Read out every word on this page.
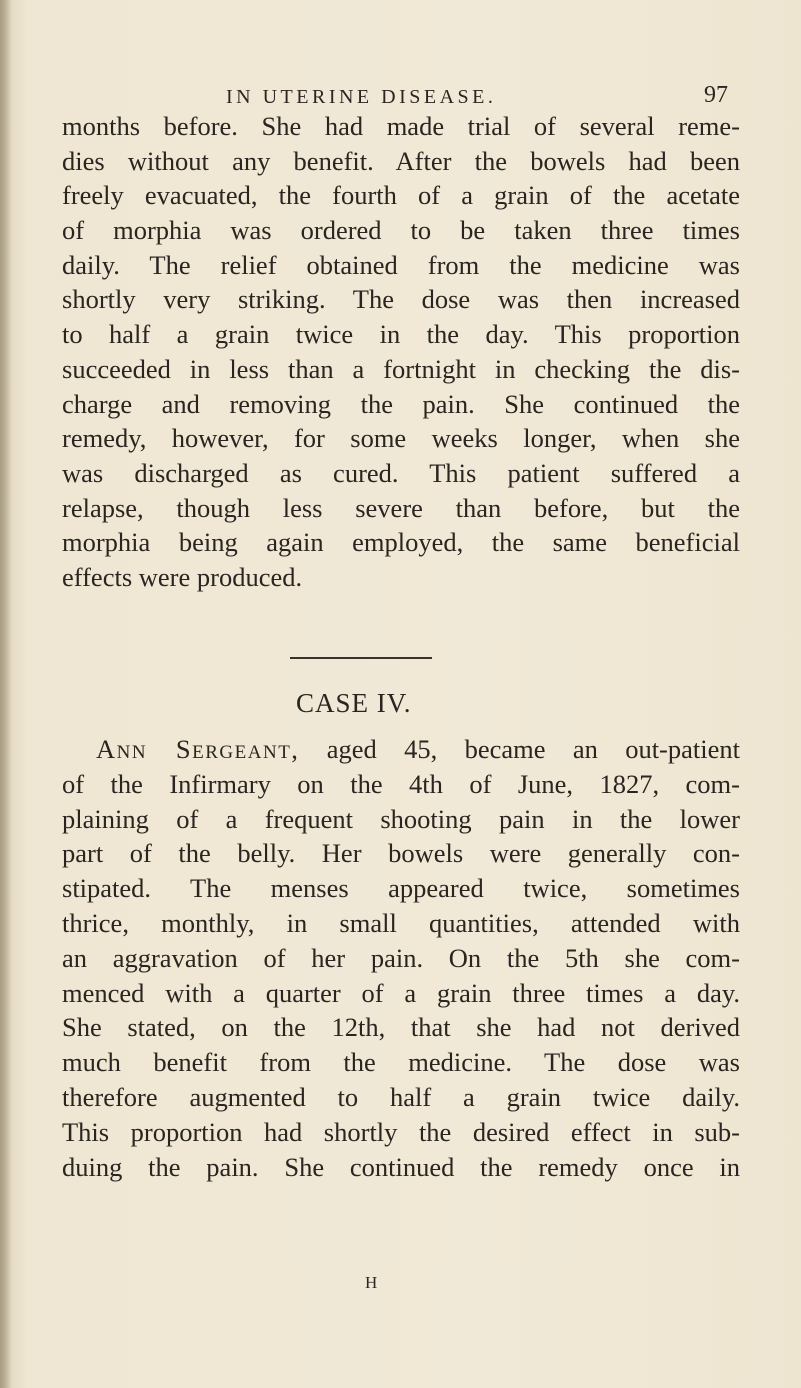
IN UTERINE DISEASE.	97
months before. She had made trial of several reme-
dies without any benefit. After the bowels had been
freely evacuated, the fourth of a grain of the acetate
of morphia was ordered to be taken three times
daily. The relief obtained from the medicine was
shortly very striking. The dose was then increased
to half a grain twice in the day. This proportion
succeeded in less than a fortnight in checking the dis-
charge and removing the pain. She continued the
remedy, however, for some weeks longer, when she
was discharged as cured. This patient suffered a
relapse, though less severe than before, but the
morphia being again employed, the same beneficial
effects were produced.
CASE IV.
Ann Sergeant, aged 45, became an out-patient
of the Infirmary on the 4th of June, 1827, com-
plaining of a frequent shooting pain in the lower
part of the belly. Her bowels were generally con-
stipated. The menses appeared twice, sometimes
thrice, monthly, in small quantities, attended with
an aggravation of her pain. On the 5th she com-
menced with a quarter of a grain three times a day.
She stated, on the 12th, that she had not derived
much benefit from the medicine. The dose was
therefore augmented to half a grain twice daily.
This proportion had shortly the desired effect in sub-
duing the pain. She continued the remedy once in
H
